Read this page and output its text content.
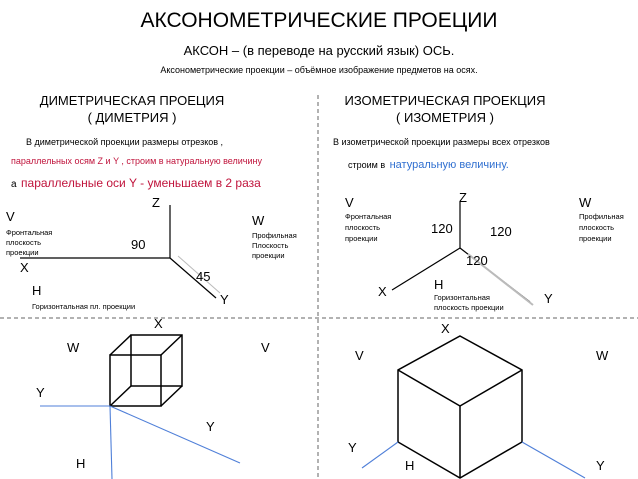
АКСОНОМЕТРИЧЕСКИЕ ПРОЕЦИИ
АКСОН – (в переводе на русский язык) ОСЬ.
Аксонометрические проекции – объёмное изображение предметов на осях.
ДИМЕТРИЧЕСКАЯ ПРОЕЦИЯ
( ДИМЕТРИЯ )
В диметрической проекции размеры отрезков ,
параллельных осям Z и Y , строим в натуральную величину
а параллельные оси Y - уменьшаем в 2 раза
Z
V
Фронтальная
плоскость
проекции
W
Профильная
Плоскость
проекции
90
X
45
H
Горизонтальная пл. проекции	Y
X
W	V
Y
Y
H
ИЗОМЕТРИЧЕСКАЯ ПРОЕКЦИЯ
( ИЗОМЕТРИЯ )
В изометрической проекции размеры всех отрезков
строим в натуральную величину.
Z
V
Фронтальная
плоскость
проекции
W
Профильная
плоскость
проекции
120	120
120
H
Горизонтальная
плоскость проекции
X	Y
X
V	W
Y
H	Y
